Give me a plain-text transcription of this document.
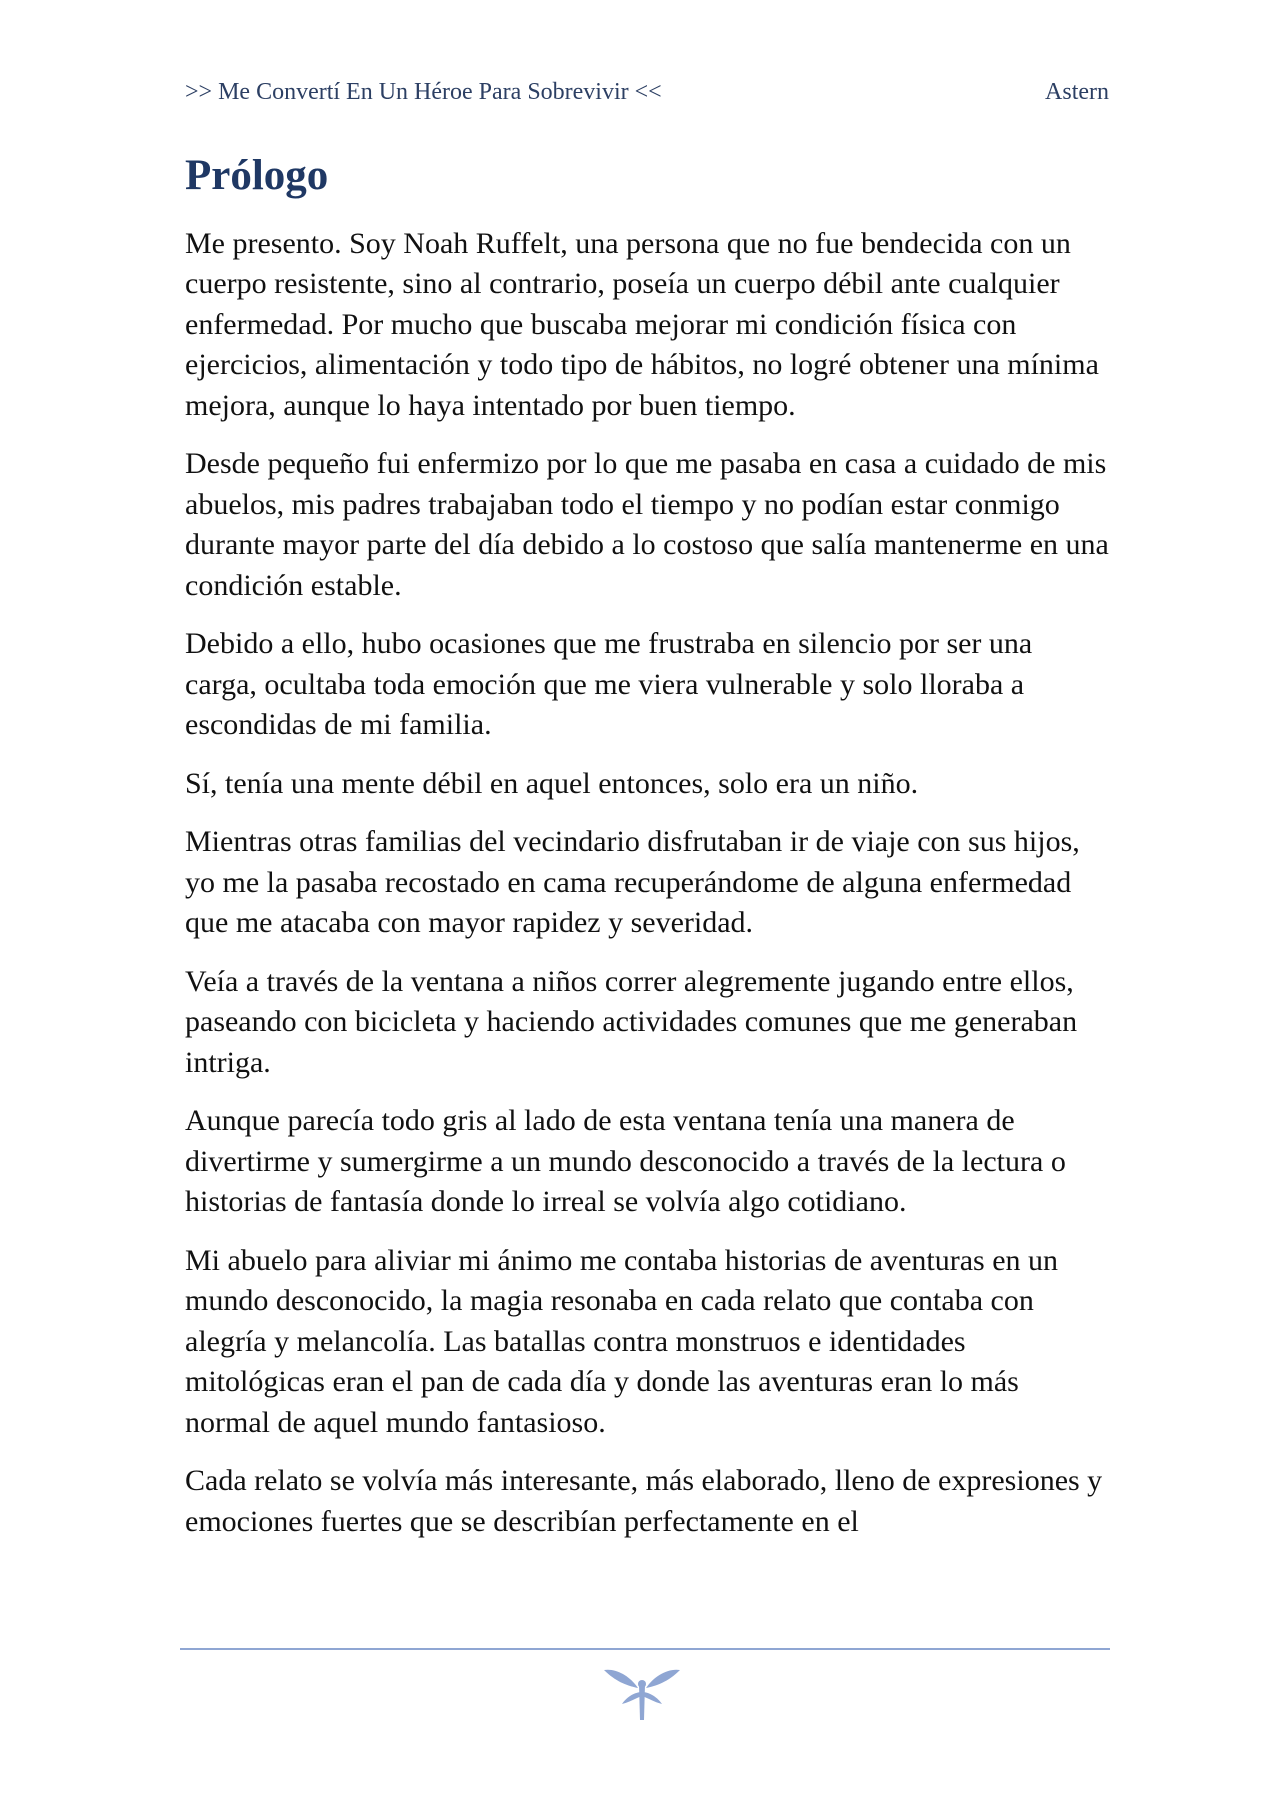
>> Me Convertí En Un Héroe Para Sobrevivir <<	Astern
Prólogo

Me presento. Soy Noah Ruffelt, una persona que no fue bendecida con un cuerpo resistente, sino al contrario, poseía un cuerpo débil ante cualquier enfermedad. Por mucho que buscaba mejorar mi condición física con ejercicios, alimentación y todo tipo de hábitos, no logré obtener una mínima mejora, aunque lo haya intentado por buen tiempo.

Desde pequeño fui enfermizo por lo que me pasaba en casa a cuidado de mis abuelos, mis padres trabajaban todo el tiempo y no podían estar conmigo durante mayor parte del día debido a lo costoso que salía mantenerme en una condición estable.

Debido a ello, hubo ocasiones que me frustraba en silencio por ser una carga, ocultaba toda emoción que me viera vulnerable y solo lloraba a escondidas de mi familia.

Sí, tenía una mente débil en aquel entonces, solo era un niño.

Mientras otras familias del vecindario disfrutaban ir de viaje con sus hijos, yo me la pasaba recostado en cama recuperándome de alguna enfermedad que me atacaba con mayor rapidez y severidad.

Veía a través de la ventana a niños correr alegremente jugando entre ellos, paseando con bicicleta y haciendo actividades comunes que me generaban intriga.

Aunque parecía todo gris al lado de esta ventana tenía una manera de divertirme y sumergirme a un mundo desconocido a través de la lectura o historias de fantasía donde lo irreal se volvía algo cotidiano.

Mi abuelo para aliviar mi ánimo me contaba historias de aventuras en un mundo desconocido, la magia resonaba en cada relato que contaba con alegría y melancolía. Las batallas contra monstruos e identidades mitológicas eran el pan de cada día y donde las aventuras eran lo más normal de aquel mundo fantasioso.

Cada relato se volvía más interesante, más elaborado, lleno de expresiones y emociones fuertes que se describían perfectamente en el
